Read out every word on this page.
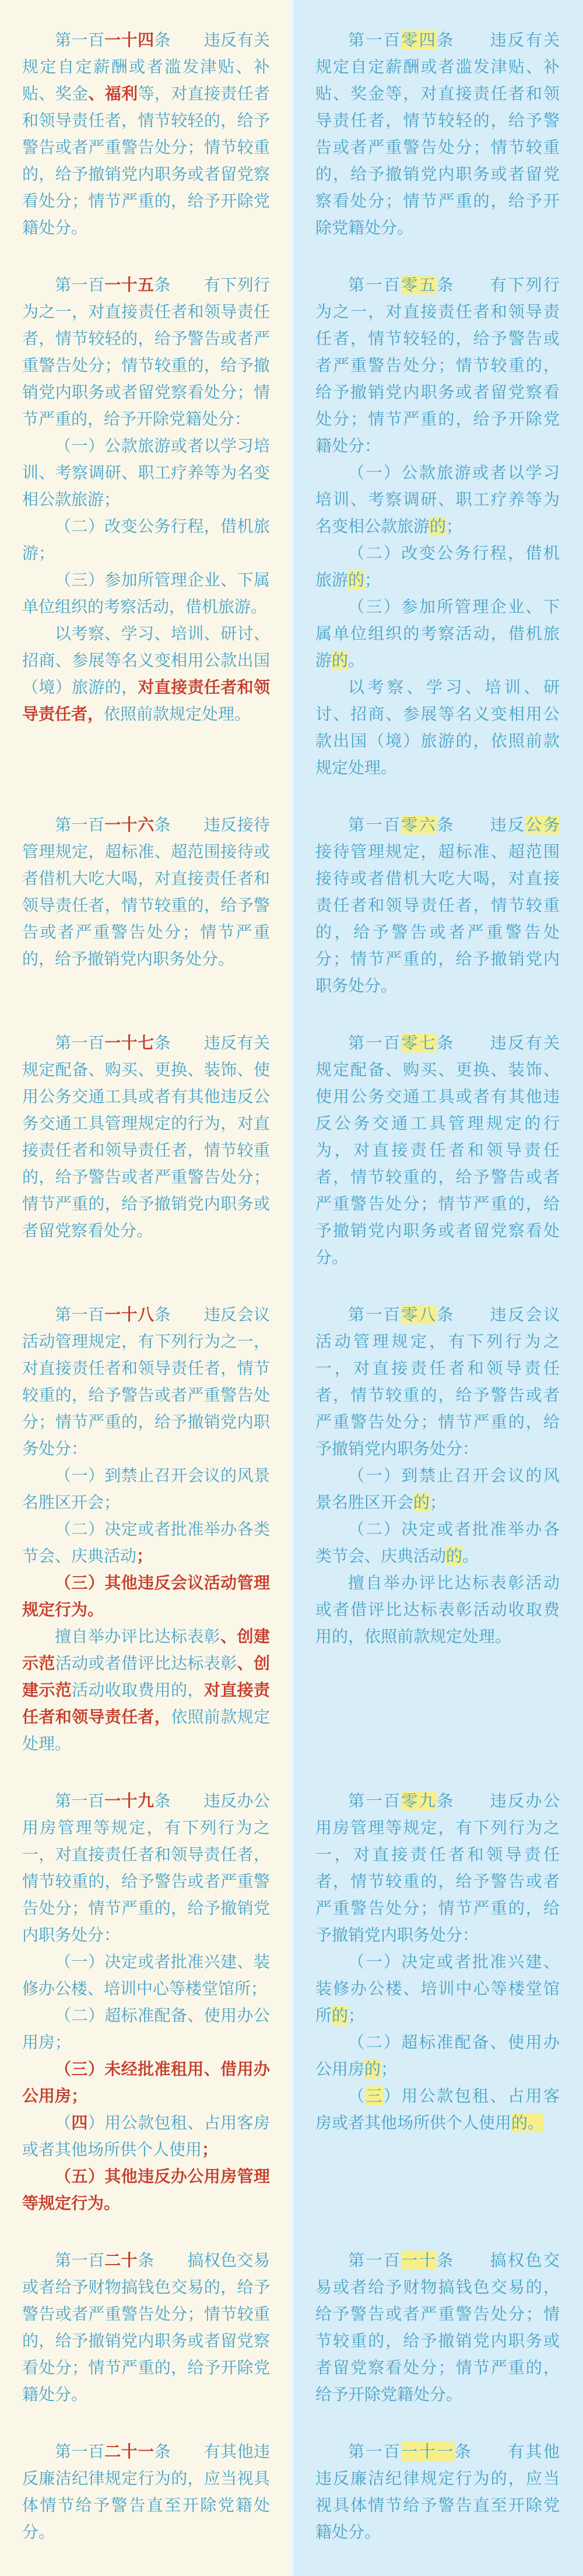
第一百一十四条　　违反有关规定自定薪酬或者滥发津贴、补贴、奖金、福利等，对直接责任者和领导责任者，情节较轻的，给予警告或者严重警告处分；情节较重的，给予撤销党内职务或者留党察看处分；情节严重的，给予开除党籍处分。

第一百零四条　　违反有关规定自定薪酬或者滥发津贴、补贴、奖金等，对直接责任者和领导责任者，情节较轻的，给予警告或者严重警告处分；情节较重的，给予撤销党内职务或者留党察看处分；情节严重的，给予开除党籍处分。

第一百一十五条　　有下列行为之一，对直接责任者和领导责任者，情节较轻的，给予警告或者严重警告处分；情节较重的，给予撤销党内职务或者留党察看处分；情节严重的，给予开除党籍处分：

（一）公款旅游或者以学习培训、考察调研、职工疗养等为名变相公款旅游；

（二）改变公务行程，借机旅游；

（三）参加所管理企业、下属单位组织的考察活动，借机旅游。

以考察、学习、培训、研讨、招商、参展等名义变相用公款出国（境）旅游的，对直接责任者和领导责任者，依照前款规定处理。

第一百零五条　　有下列行为之一，对直接责任者和领导责任者，情节较轻的，给予警告或者严重警告处分；情节较重的，给予撤销党内职务或者留党察看处分；情节严重的，给予开除党籍处分：

（一）公款旅游或者以学习培训、考察调研、职工疗养等为名变相公款旅游的；

（二）改变公务行程，借机旅游的；

（三）参加所管理企业、下属单位组织的考察活动，借机旅游的。

以考察、学习、培训、研讨、招商、参展等名义变相用公款出国（境）旅游的，依照前款规定处理。

第一百一十六条　　违反接待管理规定，超标准、超范围接待或者借机大吃大喝，对直接责任者和领导责任者，情节较重的，给予警告或者严重警告处分；情节严重的，给予撤销党内职务处分。

第一百零六条　　违反公务接待管理规定，超标准、超范围接待或者借机大吃大喝，对直接责任者和领导责任者，情节较重的，给予警告或者严重警告处分；情节严重的，给予撤销党内职务处分。

第一百一十七条　　违反有关规定配备、购买、更换、装饰、使用公务交通工具或者有其他违反公务交通工具管理规定的行为，对直接责任者和领导责任者，情节较重的，给予警告或者严重警告处分；情节严重的，给予撤销党内职务或者留党察看处分。

第一百零七条　　违反有关规定配备、购买、更换、装饰、使用公务交通工具或者有其他违反公务交通工具管理规定的行为，对直接责任者和领导责任者，情节较重的，给予警告或者严重警告处分；情节严重的，给予撤销党内职务或者留党察看处分。

第一百一十八条　　违反会议活动管理规定，有下列行为之一，对直接责任者和领导责任者，情节较重的，给予警告或者严重警告处分；情节严重的，给予撤销党内职务处分：

（一）到禁止召开会议的风景名胜区开会；

（二）决定或者批准举办各类节会、庆典活动；

（三）其他违反会议活动管理规定行为。

擅自举办评比达标表彰、创建示范活动或者借评比达标表彰、创建示范活动收取费用的，对直接责任者和领导责任者，依照前款规定处理。

第一百零八条　　违反会议活动管理规定，有下列行为之一，对直接责任者和领导责任者，情节较重的，给予警告或者严重警告处分；情节严重的，给予撤销党内职务处分：

（一）到禁止召开会议的风景名胜区开会的；

（二）决定或者批准举办各类节会、庆典活动的。

擅自举办评比达标表彰活动或者借评比达标表彰活动收取费用的，依照前款规定处理。

第一百一十九条　　违反办公用房管理等规定，有下列行为之一，对直接责任者和领导责任者，情节较重的，给予警告或者严重警告处分；情节严重的，给予撤销党内职务处分：

（一）决定或者批准兴建、装修办公楼、培训中心等楼堂馆所；

（二）超标准配备、使用办公用房；

（三）未经批准租用、借用办公用房；

（四）用公款包租、占用客房或者其他场所供个人使用；

（五）其他违反办公用房管理等规定行为。

第一百零九条　　违反办公用房管理等规定，有下列行为之一，对直接责任者和领导责任者，情节较重的，给予警告或者严重警告处分；情节严重的，给予撤销党内职务处分：

（一）决定或者批准兴建、装修办公楼、培训中心等楼堂馆所的；

（二）超标准配备、使用办公用房的；

（三）用公款包租、占用客房或者其他场所供个人使用的。

第一百二十条　　搞权色交易或者给予财物搞钱色交易的，给予警告或者严重警告处分；情节较重的，给予撤销党内职务或者留党察看处分；情节严重的，给予开除党籍处分。

第一百一十条　　搞权色交易或者给予财物搞钱色交易的，给予警告或者严重警告处分；情节较重的，给予撤销党内职务或者留党察看处分；情节严重的，给予开除党籍处分。

第一百二十一条　　有其他违反廉洁纪律规定行为的，应当视具体情节给予警告直至开除党籍处分。

第一百一十一条　　有其他违反廉洁纪律规定行为的，应当视具体情节给予警告直至开除党籍处分。
